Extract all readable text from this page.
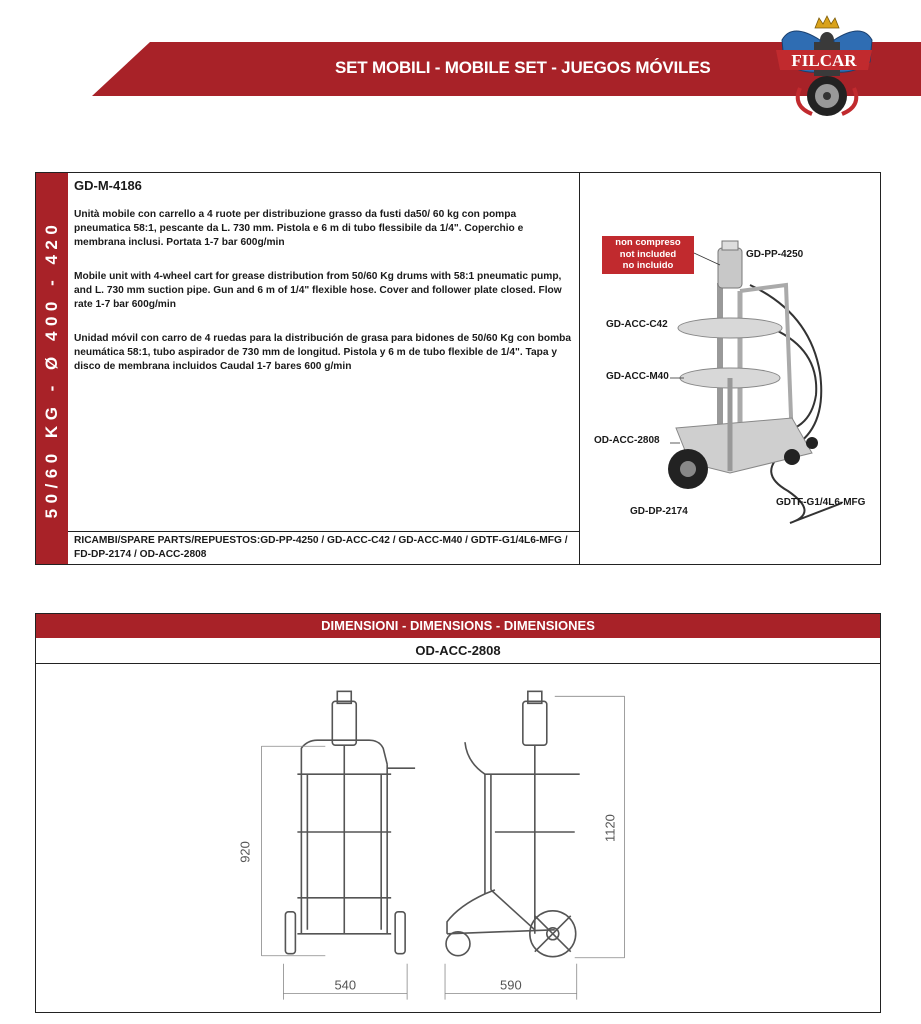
SET MOBILI - MOBILE SET - JUEGOS MÓVILES	FILCAR
50/60 KG - Ø 400 - 420
GD-M-4186
Unità mobile con carrello a 4 ruote per distribuzione grasso da fusti da50/ 60 kg con pompa pneumatica 58:1, pescante da L. 730 mm. Pistola e 6 m di tubo flessibile da 1/4". Coperchio e membrana inclusi. Portata 1-7 bar 600g/min
Mobile unit with 4-wheel cart for grease distribution from 50/60 Kg drums with 58:1 pneumatic pump, and L. 730 mm suction pipe. Gun and 6 m of 1/4" flexible hose. Cover and follower plate closed. Flow rate 1-7 bar 600g/min
Unidad móvil con carro de 4 ruedas para la distribución de grasa para bidones de 50/60 Kg con bomba neumática 58:1, tubo aspirador de 730 mm de longitud. Pistola y 6 m de tubo flexible de 1/4". Tapa y disco de membrana incluidos Caudal 1-7 bares 600 g/min
RICAMBI/SPARE PARTS/REPUESTOS:GD-PP-4250 / GD-ACC-C42 / GD-ACC-M40 / GDTF-G1/4L6-MFG / FD-DP-2174 / OD-ACC-2808
non compreso
not included
no incluido
GD-PP-4250
GD-ACC-C42
GD-ACC-M40
OD-ACC-2808
GD-DP-2174
GDTF-G1/4L6-MFG
DIMENSIONI - DIMENSIONS - DIMENSIONES
OD-ACC-2808
920
1120
540	590
